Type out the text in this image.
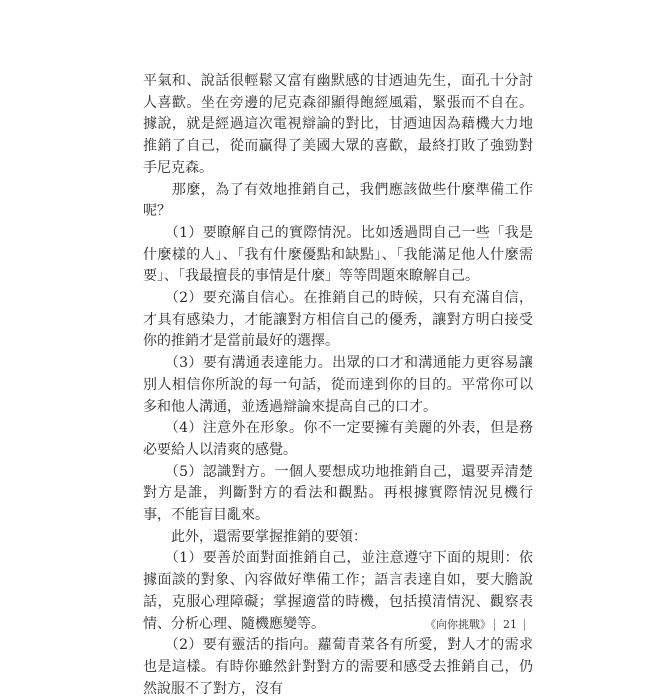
平氣和、說話很輕鬆又富有幽默感的甘迺迪先生，面孔十分討人喜歡。坐在旁邊的尼克森卻顯得飽經風霜，緊張而不自在。據說，就是經過這次電視辯論的對比，甘迺迪因為藉機大力地推銷了自己，從而贏得了美國大眾的喜歡，最終打敗了強勁對手尼克森。

　　那麼，為了有效地推銷自己，我們應該做些什麼準備工作呢？

　　（1）要瞭解自己的實際情況。比如透過問自己一些「我是什麼樣的人」、「我有什麼優點和缺點」、「我能滿足他人什麼需要」、「我最擅長的事情是什麼」等等問題來瞭解自己。

　　（2）要充滿自信心。在推銷自己的時候，只有充滿自信，才具有感染力，才能讓對方相信自己的優秀，讓對方明白接受你的推銷才是當前最好的選擇。

　　（3）要有溝通表達能力。出眾的口才和溝通能力更容易讓別人相信你所說的每一句話，從而達到你的目的。平常你可以多和他人溝通，並透過辯論來提高自己的口才。

　　（4）注意外在形象。你不一定要擁有美麗的外表，但是務必要給人以清爽的感覺。

　　（5）認識對方。一個人要想成功地推銷自己，還要弄清楚對方是誰，判斷對方的看法和觀點。再根據實際情況見機行事，不能盲目亂來。

　　此外，還需要掌握推銷的要領：

　　（1）要善於面對面推銷自己，並注意遵守下面的規則：依據面談的對象、內容做好準備工作；語言表達自如，要大膽說話，克服心理障礙；掌握適當的時機，包括摸清情況、觀察表情、分析心理、隨機應變等。

　　（2）要有靈活的指向。蘿蔔青菜各有所愛，對人才的需求也是這樣。有時你雖然針對對方的需要和感受去推銷自己，仍然說服不了對方，沒有

《向你挑戰》 21
